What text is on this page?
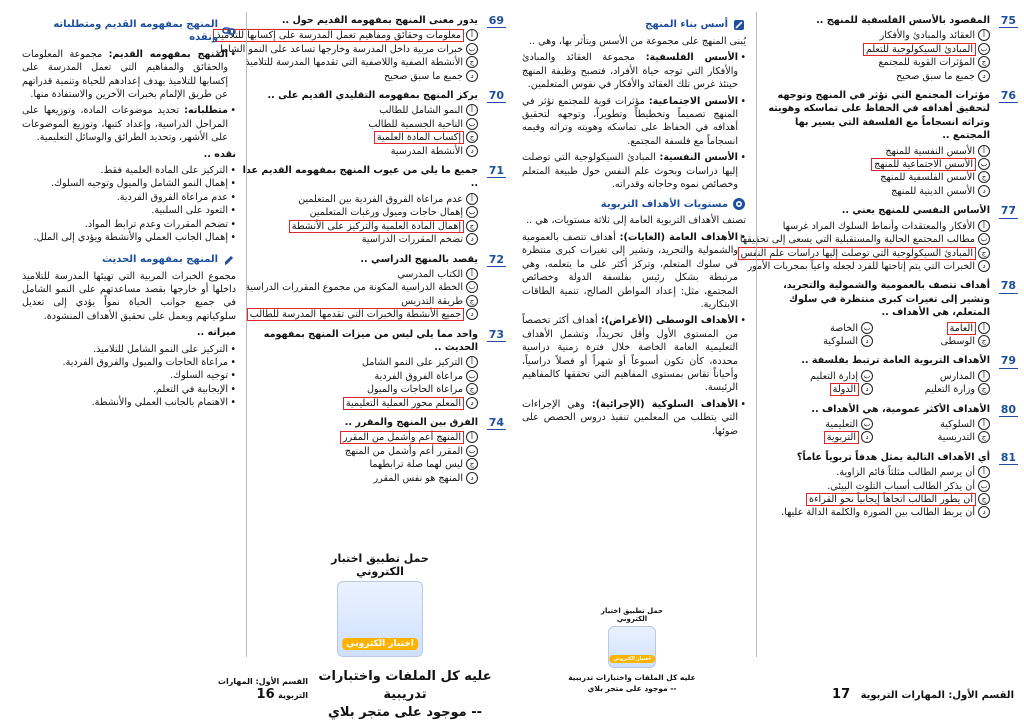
75
المقصود بالأسس الفلسفية للمنهج ..
أالعقائد والمبادئ والأفكار
بالمبادئ السيكولوجية للتعلم
جالمؤثرات القوية للمجتمع
دجميع ما سبق صحيح
76
مؤثرات المجتمع التي تؤثر في المنهج وتوجهه لتحقيق أهدافه في الحفاظ على تماسكه وهويته وتراثه انسجاماً مع الفلسفة التي يسير بها المجتمع ..
أالأسس النفسية للمنهج
بالأسس الاجتماعية للمنهج
جالأسس الفلسفية للمنهج
دالأسس الدينية للمنهج
77
الأساس النفسي للمنهج يعني ..
أالأفكار والمعتقدات وأنماط السلوك المراد غرسها
بمطالب المجتمع الحالية والمستقبلية التي يسعى إلى تحقيقها
جالمبادئ السيكولوجية التي توصلت إليها دراسات علم النفس
دالخبرات التي يتم إتاحتها للفرد لجعله واعياً بمجريات الأمور
78
أهداف تتصف بالعمومية والشمولية والتجريد، وتشير إلى تغيرات كبرى منتظرة في سلوك المتعلم، هي الأهداف ..
أالعامة
بالخاصة
جالوسطى
دالسلوكية
79
الأهداف التربوية العامة ترتبط بفلسفة ..
أالمدارس
بإدارة التعليم
جوزارة التعليم
دالدولة
80
الأهداف الأكثر عمومية، هي الأهداف ..
أالسلوكية
بالتعليمية
جالتدريسية
دالتربوية
81
أي الأهداف التالية يمثل هدفاً تربوياً عاماً؟
أأن يرسم الطالب مثلثاً قائم الزاوية.
بأن يذكر الطالب أسباب التلوث البيئي.
جأن يطور الطالب اتجاهاً إيجابياً نحو القراءة
دأن يربط الطالب بين الصورة والكلمة الدالة عليها.
أسس بناء المنهج
يُبنى المنهج على مجموعة من الأسس ويتأثر بها، وهي ..
• الأسس الفلسفية: مجموعة العقائد والمبادئ والأفكار التي توجه حياة الأفراد، فتصبح وظيفة المنهج حينئذ غرس تلك العقائد والأفكار في نفوس المتعلمين.
• الأسس الاجتماعية: مؤثرات قوية للمجتمع تؤثر في المنهج تصميماً وتخطيطاً وتطويراً، وتوجهه لتحقيق أهدافه في الحفاظ على تماسكه وهويته وتراثه وقيمه انسجاماً مع فلسفة المجتمع.
• الأسس النفسية: المبادئ السيكولوجية التي توصلت إليها دراسات وبحوث علم النفس حول طبيعة المتعلم وخصائص نموه وحاجاته وقدراته.
مستويات الأهداف التربوية
تصنف الأهداف التربوية العامة إلى ثلاثة مستويات، هي ..
• الأهداف العامة (الغايات): أهداف تتصف بالعمومية والشمولية والتجريد، وتشير إلى تغيرات كبرى منتظرة في سلوك المتعلم، وتركز أكثر على ما يتعلمه، وهي مرتبطة بشكل رئيس بفلسفة الدولة وخصائص المجتمع، مثل: إعداد المواطن الصالح، تنمية الطاقات الابتكارية.
• الأهداف الوسطى (الأغراض): أهداف أكثر تخصصاً من المستوى الأول وأقل تجريداً، وتشمل الأهداف التعليمية العامة الخاصة خلال فترة زمنية دراسية محددة، كأن تكون أسبوعاً أو شهراً أو فصلاً دراسياً، وأحياناً تقاس بمستوى المفاهيم التي تحققها كالمفاهيم الرئيسة.
• الأهداف السلوكية (الإجرائية): وهي الإجراءات التي يتطلب من المعلمين تنفيذ دروس الحصص على ضوئها.
حمل تطبيق اختبار الكتروني
اختبار الكتروني
القسم الأول: المهارات التربوية   17
عليه كل الملفات واختبارات تدريبية
-- موجود على متجر بلاي
69
يدور معنى المنهج بمفهومه القديم حول ..
أمعلومات وحقائق ومفاهيم تعمل المدرسة على إكسابها للتلاميذ
بخبرات مربية داخل المدرسة وخارجها تساعد على النمو الشامل
جالأنشطة الصفية واللاصفية التي تقدمها المدرسة للتلاميذ
دجميع ما سبق صحيح
70
يركز المنهج بمفهومه التقليدي القديم على ..
أالنمو الشامل للطالب
بالناحية الجسمية للطالب
جإكساب المادة العلمية
دالأنشطة المدرسية
71
جميع ما يلي من عيوب المنهج بمفهومه القديم عدا ..
أعدم مراعاة الفروق الفردية بين المتعلمين
بإهمال حاجات وميول ورغبات المتعلمين
جإهمال المادة العلمية والتركيز على الأنشطة
دتضخم المقررات الدراسية
72
يقصد بالمنهج الدراسي ..
أالكتاب المدرسي
بالخطة الدراسية المكونة من مجموع المقررات الدراسية
جطريقة التدريس
دجميع الأنشطة والخبرات التي تقدمها المدرسة للطالب
73
واحد مما يلي ليس من ميزات المنهج بمفهومه الحديث ..
أالتركيز على النمو الشامل
بمراعاة الفروق الفردية
جمراعاة الحاجات والميول
دالمعلم محور العملية التعليمية
74
الفرق بين المنهج والمقرر ..
أالمنهج أعم وأشمل من المقرر
بالمقرر أعم وأشمل من المنهج
جليس لهما صلة ترابطهما
دالمنهج هو نفس المقرر
المنهج بمفهومه القديم ومتطلباته ونقده
• المنهج بمفهومه القديم: مجموعة المعلومات والحقائق والمفاهيم التي تعمل المدرسة على إكسابها للتلاميذ بهدف إعدادهم للحياة وتنمية قدراتهم عن طريق الإلمام بخبرات الآخرين والاستفادة منها.
• متطلباته: تحديد موضوعات المادة، وتوزيعها على المراحل الدراسية، وإعداد كتبها، وتوزيع الموضوعات على الأشهر، وتحديد الطرائق والوسائل التعليمية.
نقده ..
• التركيز على المادة العلمية فقط.
• إهمال النمو الشامل والميول وتوجيه السلوك.
• عدم مراعاة الفروق الفردية.
• التعود على السلبية.
• تضخم المقررات وعدم ترابط المواد.
• إهمال الجانب العملي والأنشطة ويؤدي إلى الملل.
المنهج بمفهومه الحديث
مجموع الخبرات المربية التي تهيئها المدرسة للتلاميذ داخلها أو خارجها بقصد مساعدتهم على النمو الشامل في جميع جوانب الحياة نمواً يؤدي إلى تعديل سلوكياتهم ويعمل على تحقيق الأهداف المنشودة.
ميزاته ..
• التركيز على النمو الشامل للتلاميذ.
• مراعاة الحاجات والميول والفروق الفردية.
• توجيه السلوك.
• الإيجابية في التعلم.
• الاهتمام بالجانب العملي والأنشطة.
حمل تطبيق اختبار الكتروني
اختبار الكتروني
القسم الأول: المهارات التربوية 16
عليه كل الملفات واختبارات تدريبية
-- موجود على متجر بلاي
